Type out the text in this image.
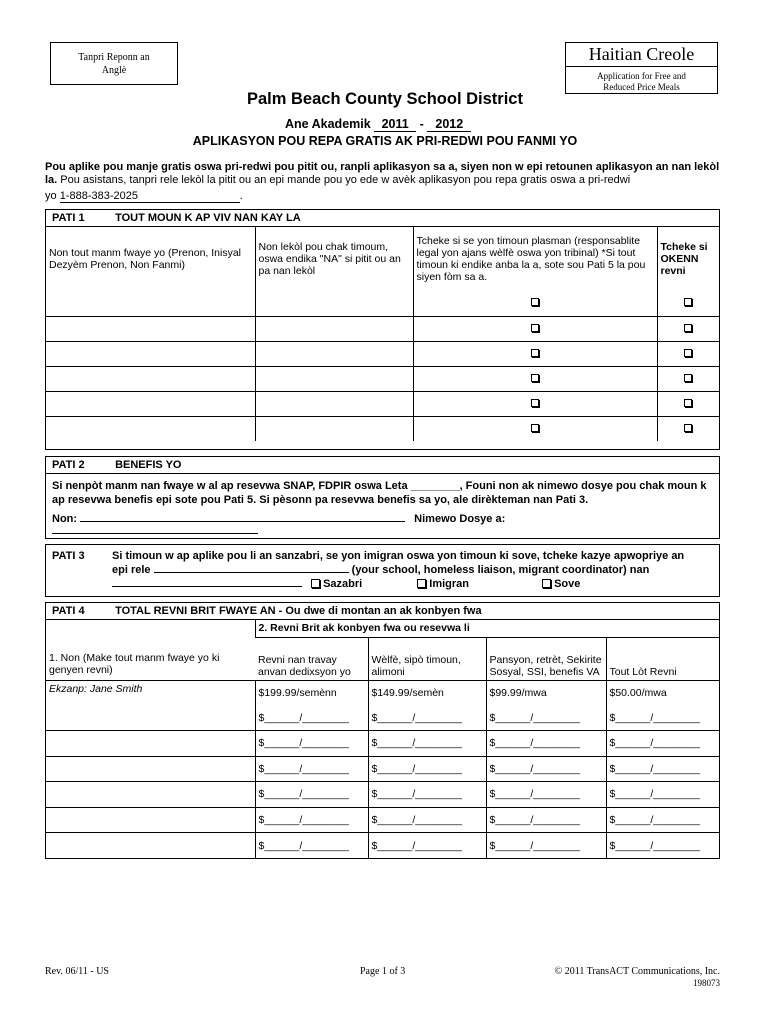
Tanpri Reponn an Anglè
Haitian Creole
Application for Free and Reduced Price Meals
Palm Beach County School District
Ane Akademik 2011 - 2012
APLIKASYON POU REPA GRATIS AK PRI-REDWI POU FANMI YO
Pou aplike pou manje gratis oswa pri-redwi pou pitit ou, ranpli aplikasyon sa a, siyen non w epi retounen aplikasyon an nan lekòl la. Pou asistans, tanpri rele lekòl la pitit ou an epi mande pou yo ede w avèk aplikasyon pou repa gratis oswa a pri-redwi
yo 1-888-383-2025	.
PATI 1	TOUT MOUN K AP VIV NAN KAY LA
Non tout manm fwaye yo (Prenon, Inisyal Dezyèm Prenon, Non Fanmi)	Non lekòl pou chak timoum, oswa endika "NA" si pitit ou an pa nan lekòl	Tcheke si se yon timoun plasman (responsablite legal yon ajans wèlfè oswa yon tribinal) *Si tout timoun ki endike anba la a, sote sou Pati 5 la pou siyen fòm sa a.	Tcheke si OKENN revni

PATI 2	BENEFIS YO
Si nenpòt manm nan fwaye w al ap resevwa SNAP, FDPIR oswa Leta ________, Founi non ak nimewo dosye pou chak moun k ap resevwa benefis epi sote pou Pati 5. Si pèsonn pa resevwa benefis sa yo, ale dirèkteman nan Pati 3.
Non:	Nimewo Dosye a:
PATI 3	Si timoun w ap aplike pou li an sanzabri, se yon imigran oswa yon timoun ki sove, tcheke kazye apwopriye an
epi rele	(your school, homeless liaison, migrant coordinator) nan
Sazabri	Imigran	Sove
PATI 4	TOTAL REVNI BRIT FWAYE AN - Ou dwe di montan an ak konbyen fwa
1. Non (Make tout manm fwaye yo ki genyen revni)	2. Revni Brit ak konbyen fwa ou resevwa li			
	Revni nan travay anvan dedixsyon yo	Wèlfè, sipò timoun, alimoni	Pansyon, retrèt, Sekirite Sosyal, SSI, benefis VA	Tout Lòt Revni
Ekzanp: Jane Smith	$199.99/semènn	$149.99/semèn	$99.99/mwa	$50.00/mwa
	$______/________	$______/________	$______/________	$______/________
	$______/________	$______/________	$______/________	$______/________
	$______/________	$______/________	$______/________	$______/________
	$______/________	$______/________	$______/________	$______/________
	$______/________	$______/________	$______/________	$______/________
	$______/________	$______/________	$______/________	$______/________
Rev. 06/11 - US	Page 1 of 3	© 2011 TransACT Communications, Inc.
198073
